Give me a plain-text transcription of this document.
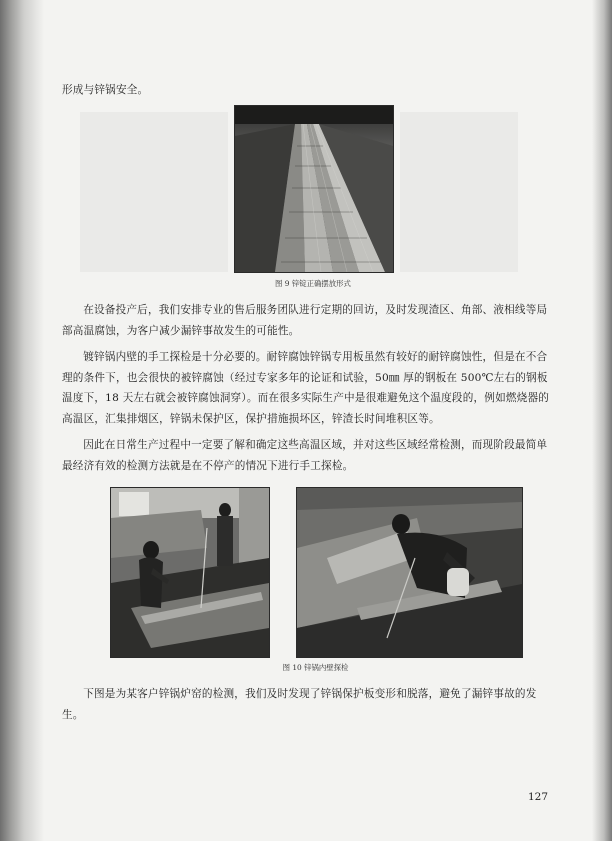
形成与锌锅安全。

图 9 锌锭正确摆放形式

在设备投产后，我们安排专业的售后服务团队进行定期的回访，及时发现渣区、角部、液相线等局部高温腐蚀，为客户减少漏锌事故发生的可能性。

镀锌锅内壁的手工探检是十分必要的。耐锌腐蚀锌锅专用板虽然有较好的耐锌腐蚀性，但是在不合理的条件下，也会很快的被锌腐蚀（经过专家多年的论证和试验，50㎜ 厚的钢板在 500℃左右的钢板温度下，18 天左右就会被锌腐蚀洞穿）。而在很多实际生产中是很难避免这个温度段的，例如燃烧器的高温区，汇集排烟区，锌锅未保护区，保护措施损坏区，锌渣长时间堆积区等。

因此在日常生产过程中一定要了解和确定这些高温区域，并对这些区域经常检测，而现阶段最简单最经济有效的检测方法就是在不停产的情况下进行手工探检。

图 10 锌锅内壁探检

下图是为某客户锌锅炉窑的检测，我们及时发现了锌锅保护板变形和脱落，避免了漏锌事故的发生。

127
